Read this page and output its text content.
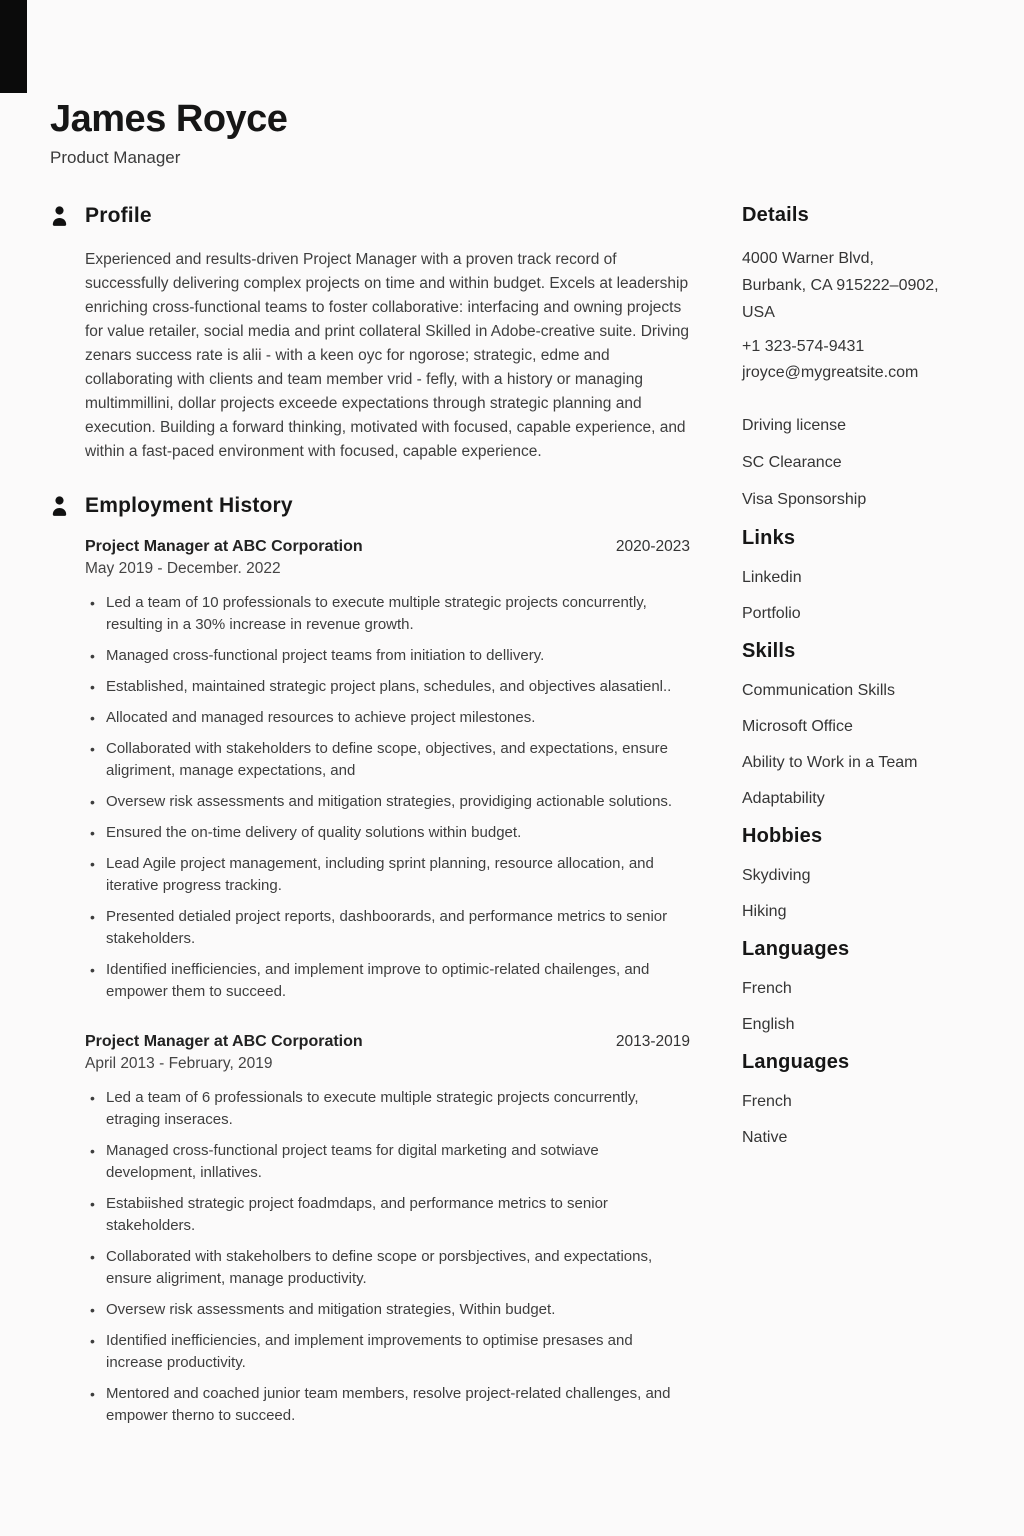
James Royce
Product Manager
Profile

Experienced and results-driven Project Manager with a proven track record of successfully delivering complex projects on time and within budget. Excels at leadership enriching cross-functional teams to foster collaborative: interfacing and owning projects for value retailer, social media and print collateral Skilled in Adobe-creative suite. Driving zenars success rate is alii - with a keen oyc for ngorose; strategic, edme and collaborating with clients and team member vrid - fefly, with a history or managing multimmillini, dollar projects exceede expectations through strategic planning and execution. Building a forward thinking, motivated with focused, capable experience, and within a fast-paced environment with focused, capable experience.

Employment History
Project Manager at ABC Corporation	2020-2023
May 2019 - December. 2022
• Led a team of 10 professionals to execute multiple strategic projects concurrently, resulting in a 30% increase in revenue growth.
• Managed cross-functional project teams from initiation to dellivery.
• Established, maintained strategic project plans, schedules, and objectives alasatienl..
• Allocated and managed resources to achieve project milestones.
• Collaborated with stakeholders to define scope, objectives, and expectations, ensure aligriment, manage expectations, and
• Oversew risk assessments and mitigation strategies, providiging actionable solutions.
• Ensured the on-time delivery of quality solutions within budget.
• Lead Agile project management, including sprint planning, resource allocation, and iterative progress tracking.
• Presented detialed project reports, dashboorards, and performance metrics to senior stakeholders.
• Identified inefficiencies, and implement improve to optimic-related chailenges, and empower them to succeed.
Project Manager at ABC Corporation	2013-2019
April 2013 - February, 2019
• Led a team of 6 professionals to execute multiple strategic projects concurrently, etraging inseraces.
• Managed cross-functional project teams for digital marketing and sotwiave development, inllatives.
• Estabiished strategic project foadmdaps, and performance metrics to senior stakeholders.
• Collaborated with stakeholbers to define scope or porsbjectives, and expectations, ensure aligriment, manage productivity.
• Oversew risk assessments and mitigation strategies, Within budget.
• Identified inefficiencies, and implement improvements to optimise presases and increase productivity.
• Mentored and coached junior team members, resolve project-related challenges, and empower therno to succeed.
Details
4000 Warner Blvd,
Burbank, CA 915222–0902,
USA
+1 323-574-9431
jroyce@mygreatsite.com
Driving license
SC Clearance
Visa Sponsorship
Links
Linkedin
Portfolio
Skills
Communication Skills
Microsoft Office
Ability to Work in a Team
Adaptability
Hobbies
Skydiving
Hiking
Languages
French
English
Languages
French
Native
